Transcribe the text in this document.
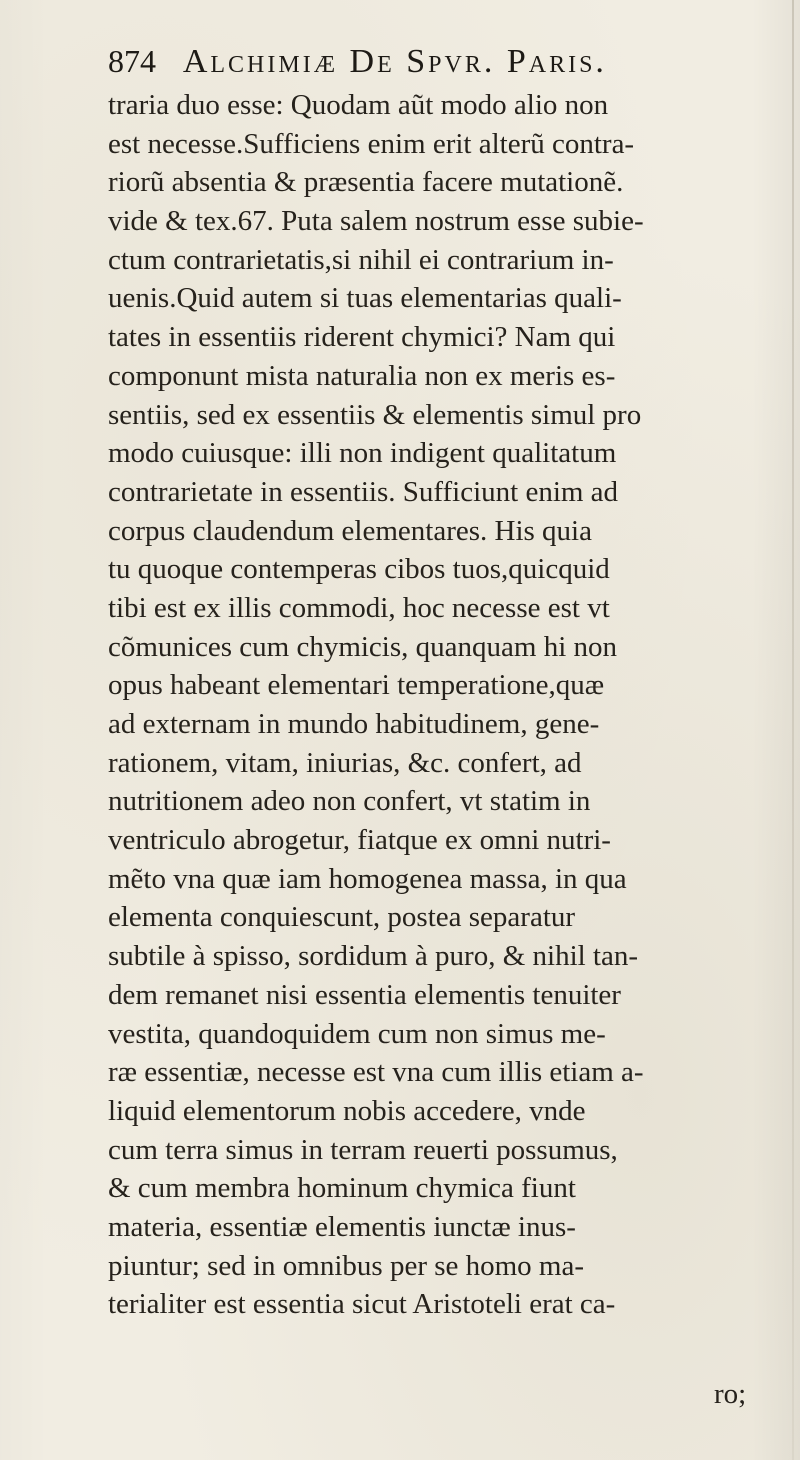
874 Alchimiæ De Spvr. Paris.
traria duo esse: Quodam aũt modo alio non
est necesse.Sufficiens enim erit alterũ contra-
riorũ absentia & præsentia facere mutationẽ.
vide & tex.67. Puta salem nostrum esse subie-
ctum contrarietatis,si nihil ei contrarium in-
uenis.Quid autem si tuas elementarias quali-
tates in essentiis riderent chymici? Nam qui
componunt mista naturalia non ex meris es-
sentiis, sed ex essentiis & elementis simul pro
modo cuiusque: illi non indigent qualitatum
contrarietate in essentiis. Sufficiunt enim ad
corpus claudendum elementares. His quia
tu quoque contemperas cibos tuos,quicquid
tibi est ex illis commodi, hoc necesse est vt
cõmunices cum chymicis, quanquam hi non
opus habeant elementari temperatione,quæ
ad externam in mundo habitudinem, gene-
rationem, vitam, iniurias, &c. confert, ad
nutritionem adeo non confert, vt statim in
ventriculo abrogetur, fiatque ex omni nutri-
mẽto vna quæ iam homogenea massa, in qua
elementa conquiescunt, postea separatur
subtile à spisso, sordidum à puro, & nihil tan-
dem remanet nisi essentia elementis tenuiter
vestita, quandoquidem cum non simus me-
ræ essentiæ, necesse est vna cum illis etiam a-
liquid elementorum nobis accedere, vnde
cum terra simus in terram reuerti possumus,
& cum membra hominum chymica fiunt
materia, essentiæ elementis iunctæ inus-
piuntur; sed in omnibus per se homo ma-
terialiter est essentia sicut Aristoteli erat ca-
ro;
